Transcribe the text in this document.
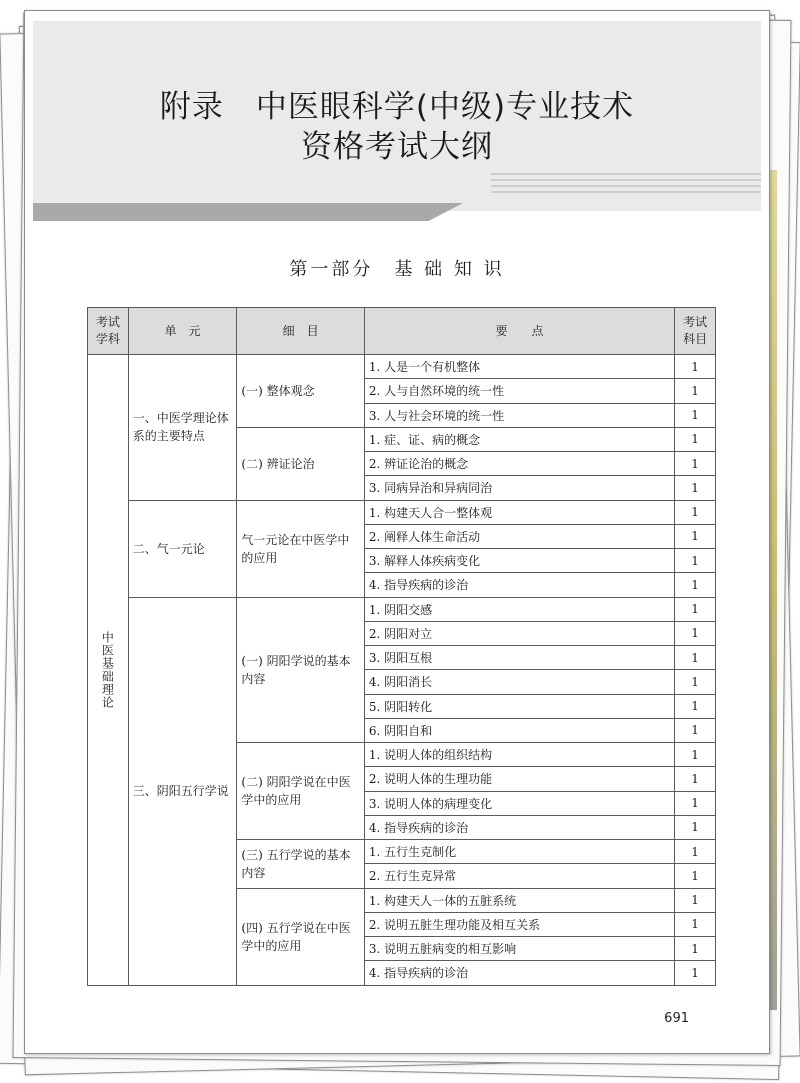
附录　中医眼科学(中级)专业技术
资格考试大纲
第一部分　基 础 知 识
考试学科	单　元	细　目	要　　点	考试科目
中医基础理论	一、中医学理论体系的主要特点	(一) 整体观念	1. 人是一个有机整体	1
			2. 人与自然环境的统一性	1
			3. 人与社会环境的统一性	1
		(二) 辨证论治	1. 症、证、病的概念	1
			2. 辨证论治的概念	1
			3. 同病异治和异病同治	1
	二、气一元论	气一元论在中医学中的应用	1. 构建天人合一整体观	1
			2. 阐释人体生命活动	1
			3. 解释人体疾病变化	1
			4. 指导疾病的诊治	1
	三、阴阳五行学说	(一) 阴阳学说的基本内容	1. 阴阳交感	1
			2. 阴阳对立	1
			3. 阴阳互根	1
			4. 阴阳消长	1
			5. 阴阳转化	1
			6. 阴阳自和	1
		(二) 阴阳学说在中医学中的应用	1. 说明人体的组织结构	1
			2. 说明人体的生理功能	1
			3. 说明人体的病理变化	1
			4. 指导疾病的诊治	1
		(三) 五行学说的基本内容	1. 五行生克制化	1
			2. 五行生克异常	1
		(四) 五行学说在中医学中的应用	1. 构建天人一体的五脏系统	1
			2. 说明五脏生理功能及相互关系	1
			3. 说明五脏病变的相互影响	1
			4. 指导疾病的诊治	1
691
